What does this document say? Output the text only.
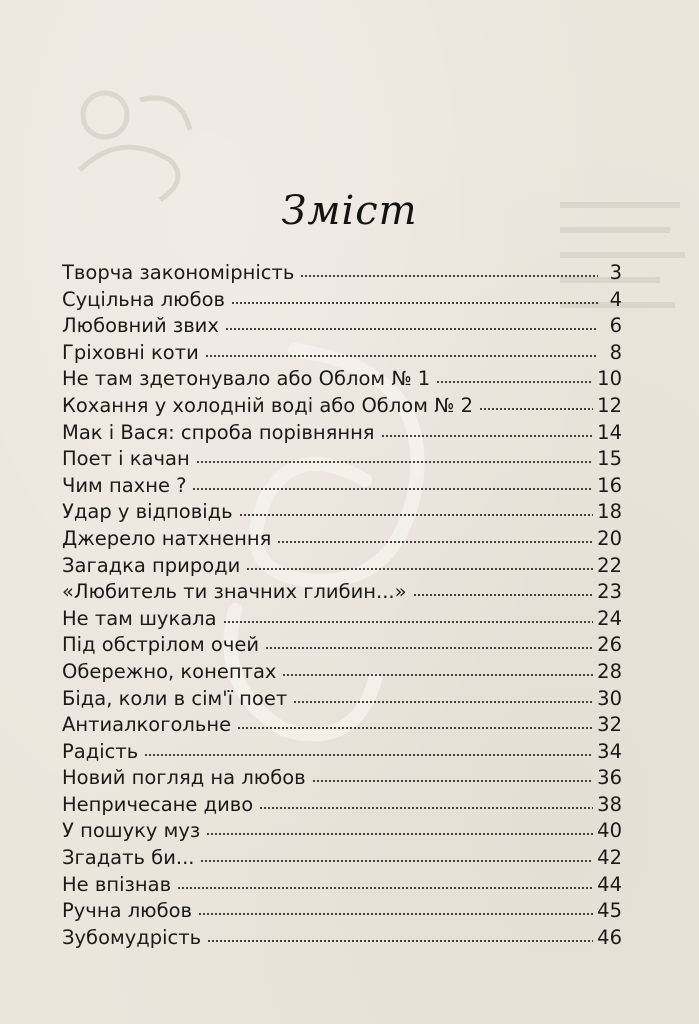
Зміст
Творча закономірність	3
Суцільна любов	4
Любовний звих	6
Гріховні коти	8
Не там здетонувало або Облом № 1	10
Кохання у холодній воді або Облом № 2	12
Мак і Вася: спроба порівняння	14
Поет і качан	15
Чим пахне ?	16
Удар у відповідь	18
Джерело натхнення	20
Загадка природи	22
«Любитель ти значних глибин...»	23
Не там шукала	24
Під обстрілом очей	26
Обережно, конептах	28
Біда, коли в сім'ї поет	30
Антиалкогольне	32
Радість	34
Новий погляд на любов	36
Непричесане диво	38
У пошуку муз	40
Згадать би...	42
Не впізнав	44
Ручна любов	45
Зубомудрість	46
